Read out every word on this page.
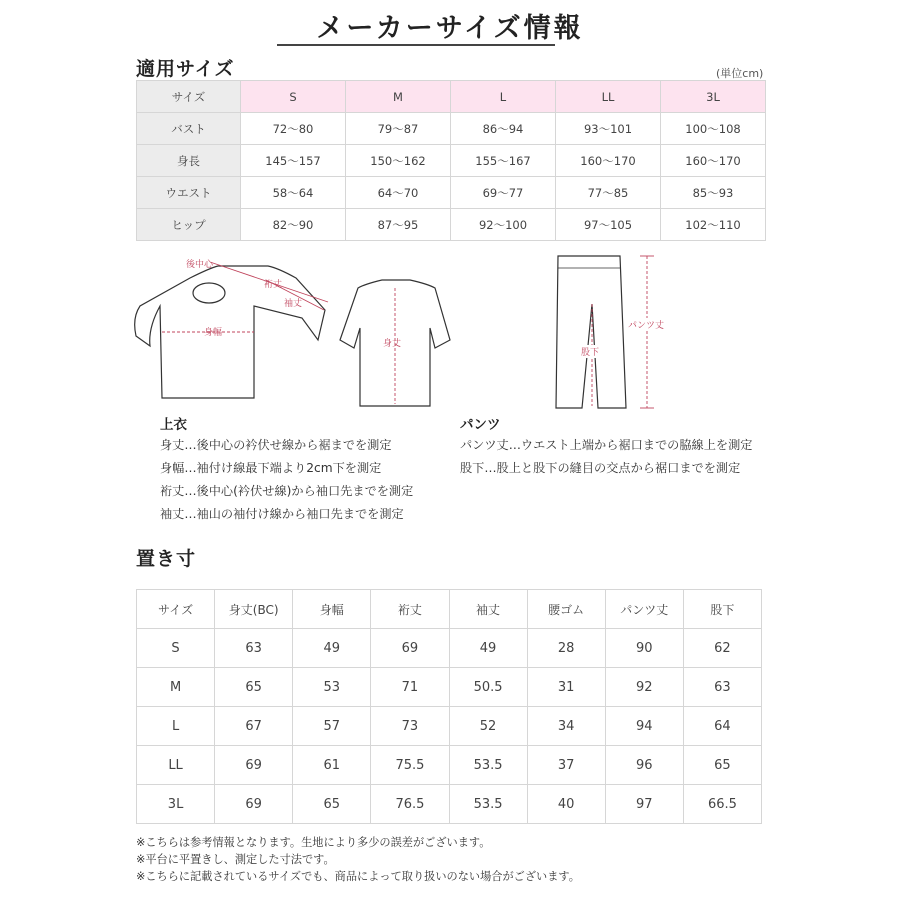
メーカーサイズ情報
適用サイズ	(単位cm)
サイズ	S	M	L	LL	3L
バスト	72～80	79～87	86～94	93～101	100～108
身長	145～157	150～162	155～167	160～170	160～170
ウエスト	58～64	64～70	69～77	77～85	85～93
ヒップ	82～90	87～95	92～100	97～105	102～110
後中心
裄丈
袖丈
身幅
身丈
パンツ丈
股下
上衣
身丈…後中心の衿伏せ線から裾までを測定
身幅…袖付け線最下端より2cm下を測定
裄丈…後中心(衿伏せ線)から袖口先までを測定
袖丈…袖山の袖付け線から袖口先までを測定
パンツ
パンツ丈…ウエスト上端から裾口までの脇線上を測定
股下…股上と股下の縫目の交点から裾口までを測定
置き寸
サイズ	身丈(BC)	身幅	裄丈	袖丈	腰ゴム	パンツ丈	股下
S	63	49	69	49	28	90	62
M	65	53	71	50.5	31	92	63
L	67	57	73	52	34	94	64
LL	69	61	75.5	53.5	37	96	65
3L	69	65	76.5	53.5	40	97	66.5
※こちらは参考情報となります。生地により多少の誤差がございます。
※平台に平置きし、測定した寸法です。
※こちらに記載されているサイズでも、商品によって取り扱いのない場合がございます。
